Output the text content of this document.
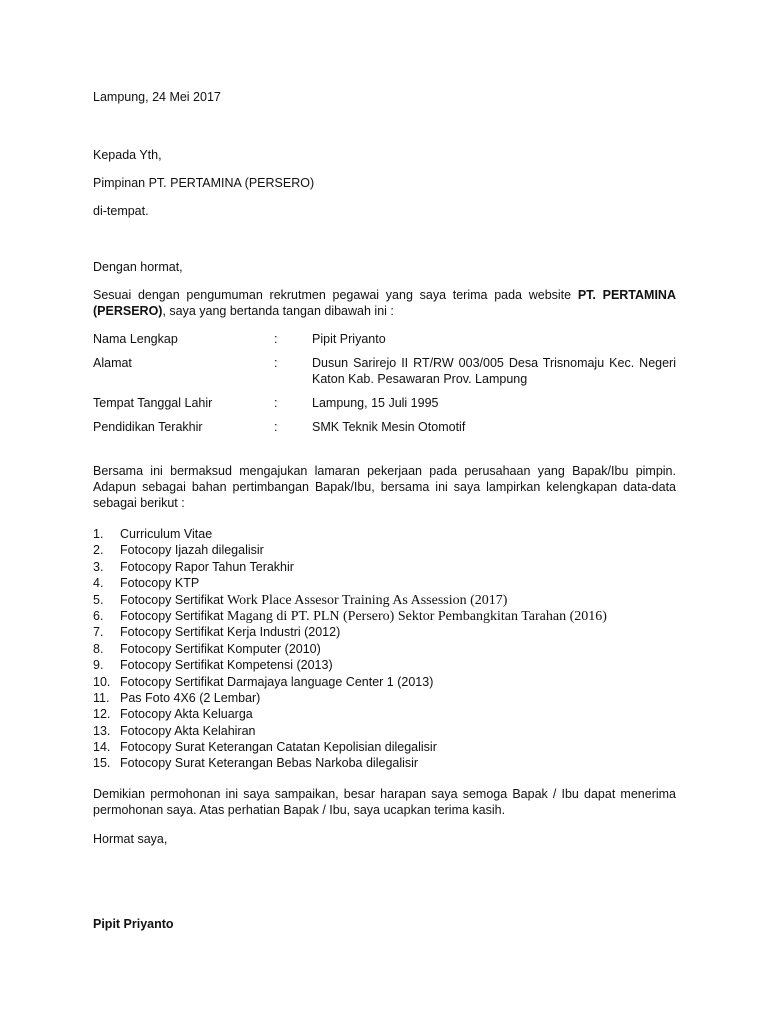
Lampung, 24 Mei 2017
Kepada Yth,
Pimpinan PT. PERTAMINA (PERSERO)
di-tempat.
Dengan hormat,
Sesuai dengan pengumuman rekrutmen pegawai yang saya terima pada website PT. PERTAMINA (PERSERO), saya yang bertanda tangan dibawah ini :
Nama Lengkap	:	Pipit Priyanto
Alamat	:	Dusun Sarirejo II RT/RW 003/005 Desa Trisnomaju Kec. Negeri Katon Kab. Pesawaran Prov. Lampung
Tempat Tanggal Lahir	:	Lampung, 15 Juli 1995
Pendidikan Terakhir	:	SMK Teknik Mesin Otomotif
Bersama ini bermaksud mengajukan lamaran pekerjaan pada perusahaan yang Bapak/Ibu pimpin. Adapun sebagai bahan pertimbangan Bapak/Ibu, bersama ini saya lampirkan kelengkapan data-data sebagai berikut :
1.	Curriculum Vitae
2.	Fotocopy Ijazah dilegalisir
3.	Fotocopy Rapor Tahun Terakhir
4.	Fotocopy KTP
5.	Fotocopy Sertifikat Work Place Assesor Training As Assession (2017)
6.	Fotocopy Sertifikat Magang di PT. PLN (Persero) Sektor Pembangkitan Tarahan (2016)
7.	Fotocopy Sertifikat Kerja Industri (2012)
8.	Fotocopy Sertifikat Komputer (2010)
9.	Fotocopy Sertifikat Kompetensi (2013)
10. Fotocopy Sertifikat Darmajaya language Center 1 (2013)
11. Pas Foto 4X6 (2 Lembar)
12. Fotocopy Akta Keluarga
13. Fotocopy Akta Kelahiran
14. Fotocopy Surat Keterangan Catatan Kepolisian dilegalisir
15. Fotocopy Surat Keterangan Bebas Narkoba dilegalisir
Demikian permohonan ini saya sampaikan, besar harapan saya semoga Bapak / Ibu dapat menerima permohonan saya. Atas perhatian Bapak / Ibu, saya ucapkan terima kasih.
Hormat saya,
Pipit Priyanto
